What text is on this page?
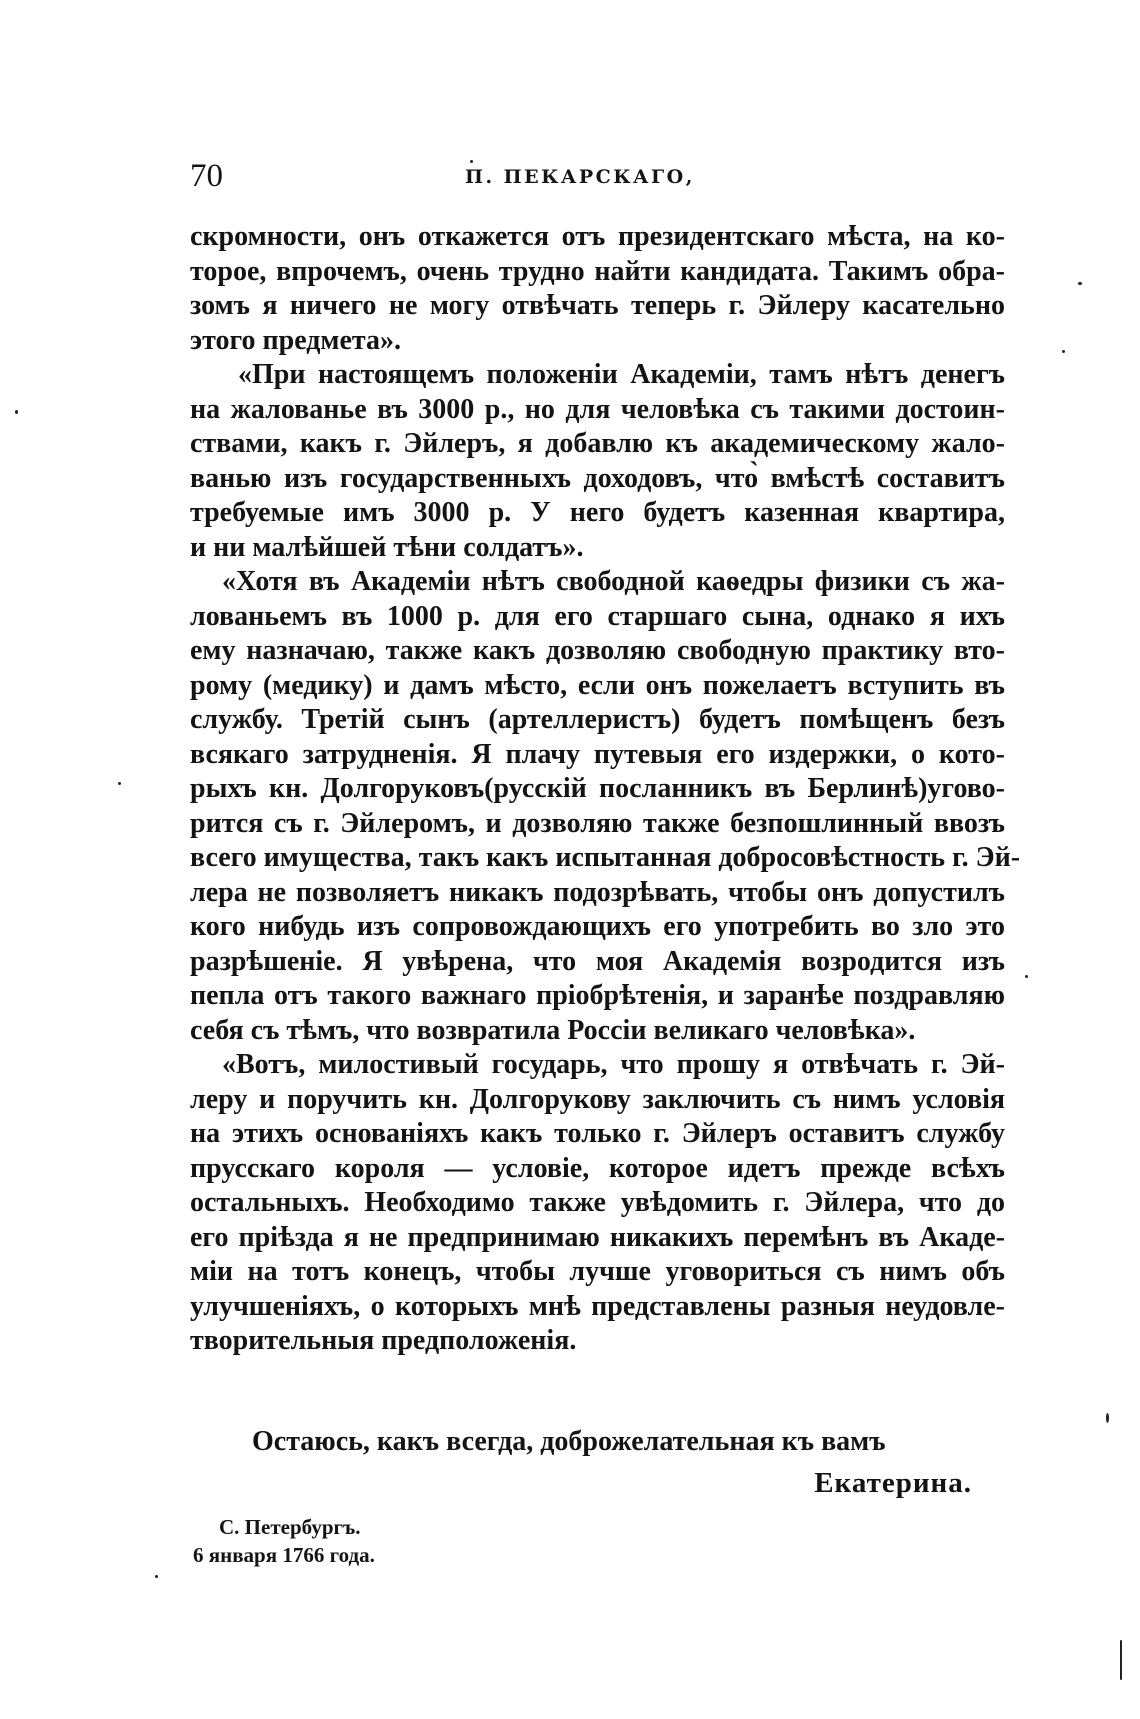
70	П. ПЕКАРСКАГО,
скромности, онъ откажется отъ президентскаго мѣста, на ко-
торое, впрочемъ, очень трудно найти кандидата. Такимъ обра-
зомъ я ничего не могу отвѣчать теперь г. Эйлеру касательно
этого предмета».
«При настоящемъ положенiи Академiи, тамъ нѣтъ денегъ
на жалованье въ 3000 р., но для человѣка съ такими достоин-
ствами, какъ г. Эйлеръ, я добавлю къ академическому жало-
ванью изъ государственныхъ доходовъ, что̀ вмѣстѣ составитъ
требуемые имъ 3000 р. У него будетъ казенная квартира,
и ни малѣйшей тѣни солдатъ».
«Хотя въ Академiи нѣтъ свободной каѳедры физики съ жа-
лованьемъ въ 1000 р. для его старшаго сына, однако я ихъ
ему назначаю, также какъ дозволяю свободную практику вто-
рому (медику) и дамъ мѣсто, если онъ пожелаетъ вступить въ
службу. Третiй сынъ (артеллеристъ) будетъ помѣщенъ безъ
всякаго затрудненiя. Я плачу путевыя его издержки, о кото-
рыхъ кн. Долгоруковъ(русскiй посланникъ въ Берлинѣ)угово-
рится съ г. Эйлеромъ, и дозволяю также безпошлинный ввозъ
всего имущества, такъ какъ испытанная добросовѣстность г. Эй-
лера не позволяетъ никакъ подозрѣвать, чтобы онъ допустилъ
кого нибудь изъ сопровождающихъ его употребить во зло это
разрѣшенiе. Я увѣрена, что моя Академiя возродится изъ
пепла отъ такого важнаго прiобрѣтенiя, и заранѣе поздравляю
себя съ тѣмъ, что возвратила Россiи великаго человѣка».
«Вотъ, милостивый государь, что прошу я отвѣчать г. Эй-
леру и поручить кн. Долгорукову заключить съ нимъ условiя
на этихъ основанiяхъ какъ только г. Эйлеръ оставитъ службу
прусскаго короля — условiе, которое идетъ прежде всѣхъ
остальныхъ. Необходимо также увѣдомить г. Эйлера, что до
его прiѣзда я не предпринимаю никакихъ перемѣнъ въ Акаде-
мiи на тотъ конецъ, чтобы лучше уговориться съ нимъ объ
улучшенiяхъ, о которыхъ мнѣ представлены разныя неудовле-
творительныя предположенiя.
Остаюсь, какъ всегда, доброжелательная къ вамъ
Екатерина.
С. Петербургъ.
6 января 1766 года.
